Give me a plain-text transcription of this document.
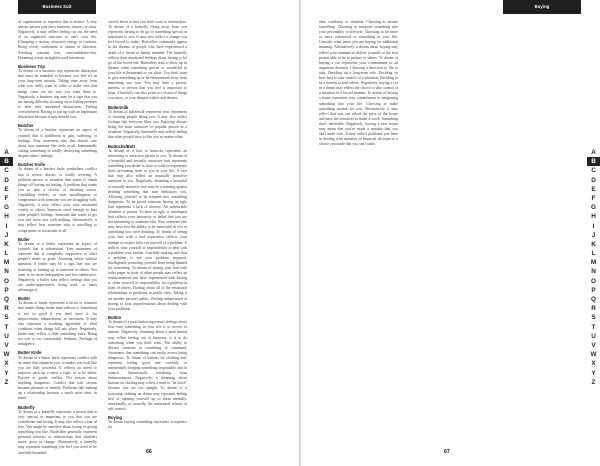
Business Suit

of organization or expertise that is honest. A very serious person puts one's business, masses, or class. Negatively, it may reflect feeling cut out the need of an organized structure in one's own life. Glimpsing a serious, obsessive energy to conform. Being overly conformist or unsure of direction. Avoiding constant fear, overconfidence-fear. Dreaming overly straightforward intentions.

Business Trip

To dream of a business trip represents distraction that must be attended to because you feel it's in your long-term interest. Taking time away from what you really want in order to make sure that things come out the way you want them to. Negatively, a business trip may be a sign that you are having difficulty focusing on or feeling pressure to deal with unwanted distractions. Feeling overwhelmed. Having to put up with an unpleasant distraction because it may benefit you.

Butcher

To dream of a butcher represents an aspect of yourself that is indifferent to pain, suffering, or feelings. Your awareness also that doesn't care about how someone else feels at all. Intentionally cutting something or totally destroying something despite others' feelings.

Butcher Knife

To dream of a butcher knife symbolizes conflict that is severe, drastic, or totally severing. A problem person or situation that wants to finish things off having no feeling. A problem that wants you to take a vicious or shocking action. Unyielding beliefs, or total unwillingness to compromise with someone you are struggling with. Negatively, it may reflect your own emotional cruelty to others. Someone cruel enough to hurt other people's feelings. Someone that wants to get you and leave you with nothing. Alternatively, it may reflect how someone who is unwilling to compromise or reconsider at all.

Butler

To dream of a butler represents an aspect of yourself that is subservient. Your awareness of someone that is completely supportive of other people's needs or goals. Assisting others without question. A butler may be a sign that you are honoring or looking up to someone or others. You want to be more independent and less submissive. Negatively, a butler may reflect feelings that you are under-appreciated, being used, or taken advantage of.

Butter

To dream of butter represents a factor or situation that makes things better than without it. Something is not so good if you don't have it. An improvement, enhancement, or increment. It may also represent a soothing, agreeable or ideal condition when things fall into place. Negatively, butter may reflect a little something extra. Being too soft or too comfortable. Softness. Feelings of indulgence.

Butter Knife

To dream of a butter knife represents conflict with an intent that enhances you, or makes you look like you are fully powerful. It reflects an intent to improve, pick up a sense a fight, or to be better. Passive or gentle conflict. Not serious about anything dangerous. Conflict that isn't serious because pleasure or benefit. Problems like making up a relationship because a much nicer time, in mind.

Butterfly

To dream of a butterfly represents a person that is very special or important to you that you are considerate and loving. It may also reflect a fear of loss. You might be sensitive about losing or giving something you like. Butterflies generally represent personal interests or relationships that shouldn't move, grow or change. Alternatively, a butterfly may represent something you feel you need to be carefully beautiful.

careful about or that you don't want to overanalyze. To dream of a butterfly flying away from you represents having to let go of something special or important to you. It may also reflect a change you feel forced to make. Butterflies commonly appear in the dreams of people who have experienced a death of a friend or family member. The butterfly reflects their emotional feelings about having to let go of the loved one. Butterflies tend to show up in dreams when something special or wonderful in your life is threatened or cut short. You don't want to give something up or be embarrassed away from something you love. You may have a person, interest, or person that you feel is important to keep. A butterfly can also point to a vision of things you enjoy, or your deepest wishes and desires.

Buttermilk

To dream of buttermilk represents your enjoyment of noticing people liking you. It may also reflect feelings that everyone likes you. Enjoying always being the most attractive or popular person in a situation. Negatively, buttermilk may reflect feeling that other people have to like you no matter what.

Buttocks/Butt

To dream of a butt or buttocks represents an interesting or attractive person to you. To dream of a beautiful and sexually attractive butt represents something you desire to have or wish to experience that's presenting itself to you in your life. A nice butt may also reflect an unusually attractive someone to you. Negatively, dreaming a beautiful or sexually attractive butt may be a warning against desiring something that may embarrass you. Allowing yourself to be tempted into something dangerous. To be proud someone having an ugly butt represents a lack of interest. An undesirable situation or person. To have an ugly or misshapen butt reflects your insecurity or belief that you are not interesting to someone else. Your someone else may have lost the ability to be interested in you or something you were thinking. To dream of seeing your butt with a bad experience reflects your attempt to respect fully rid yourself of a problem. A milk to clear yourself of responsibility to deal with a problem your further. Carefully making sure that a problem is not your problem anymore. Intelligently protecting yourself from being blamed for something. To dream of wiping your butt with toilet paper in front of other people may reflect an embarrassment you have experienced with having to clean yourself of responsibility for a problem in front of others. Finding about all of the emotional relationships or problems in public view. Taking it on another person's public. Feeling embarrassed at having to look unprofessional about dealing with your problems.

Button

To dream of a push button represents feelings about how easy something in your life is to access or initiate. Negatively, dreaming about a push button may reflect feeling out of harmony: it is to do something when you don't want. The ability to discuss someone to something or command. Awareness that something can easily access being dangerous. To dream of buttons for clothing may represent feeling good and carefully or intentionally keeping something responsibly and in control. Intentionally refraining from embarrassment. Negatively, a dreaming about buttons on clothing may reflect a need to "let loose" because you are too uptight. To dream of a buttoning clothing on dream may represent feeling tied of opening yourself up to them mentally, emotionally, or sexually. An intentional release of self-control.

Buying

To dream buying something represents acceptance for

A
B
C
D
E
F
G
H
I
J
K
L
M
N
O
P
Q
R
S
T
U
V
W
X
Y
Z
66
Buying

idea, condition, or situation. Choosing to initiate something. Choosing to integrate something into your personality or lifestyle. Choosing to be more or more committed to something in your life. Consider what items you are buying for additional meaning. Alternatively, a dream about buying may reflect your attempts to deliver yourself or the first person able to be to portray to others. To dream of buying a car represents your commitment to an important decision. Choosing a direction in life to take. Deciding on a long-term role. Deciding on how best to take control of a situation. Deciding to be a benefit to lead others. Negatively, buying a car in a dream may reflect the choice to take control of a situation in a forced manner. To dream of buying a house represents your commitment to integrating something into your life. Choosing to make something normal for you. Alternatively, it may reflect that you can afford the price of the house and have the resources to make it work. Something that's inevitable. Negatively, buying a new house may mean that you've made a mistake that you can't undo with. It may reflect problems you have in dealing with mistakes of financial decision or a choice you made that you can't undo.

A
B
C
D
E
F
G
H
I
J
K
L
M
N
O
P
Q
R
S
T
U
V
W
X
Y
Z
67
